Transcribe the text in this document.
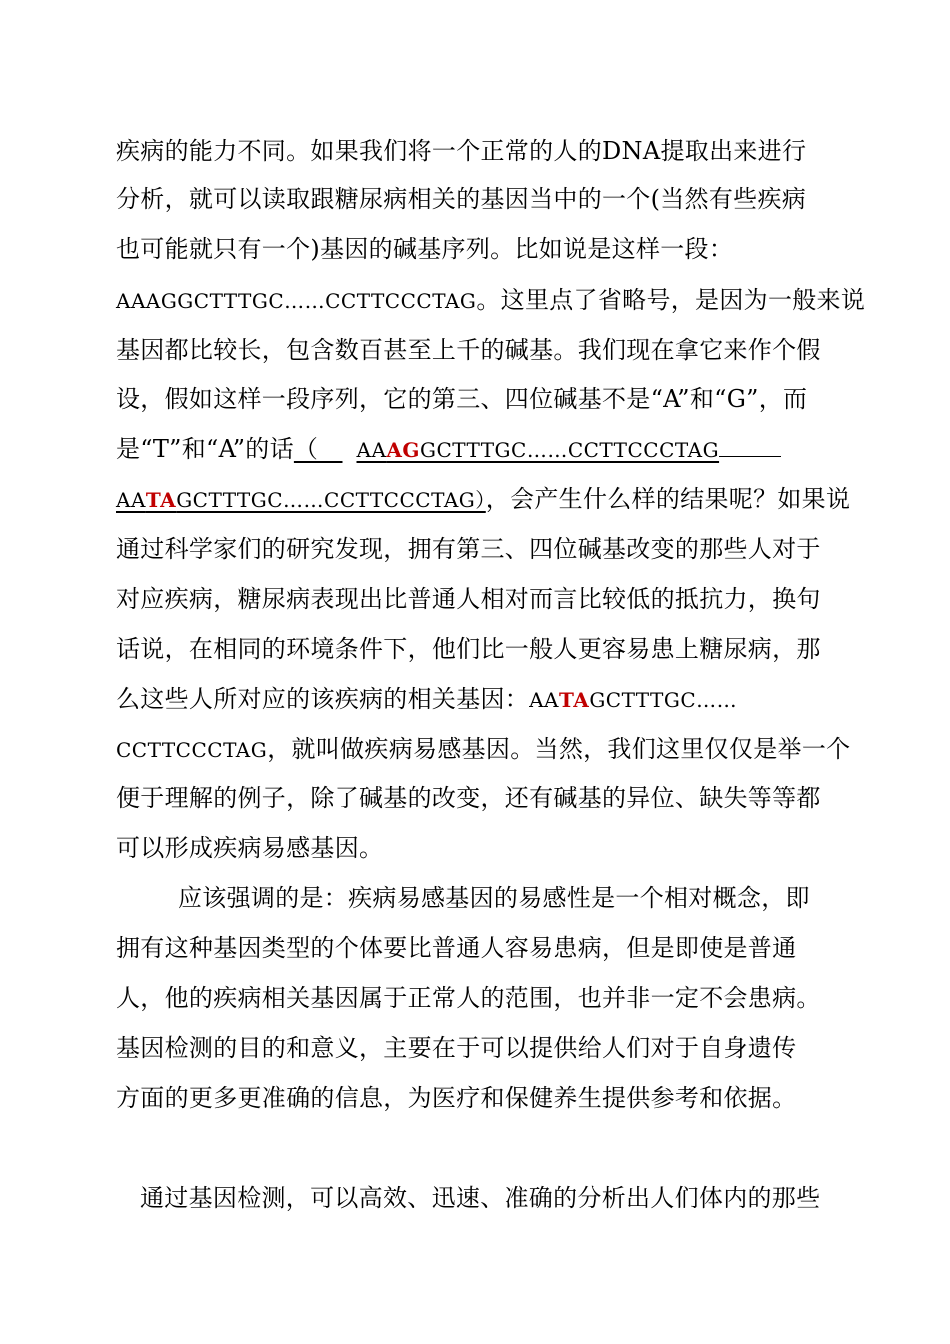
疾病的能力不同。如果我们将一个正常的人的DNA提取出来进行
分析，就可以读取跟糖尿病相关的基因当中的一个(当然有些疾病
也可能就只有一个)基因的碱基序列。比如说是这样一段：
AAAGGCTTTGC……CCTTCCCTAG。这里点了省略号，是因为一般来说
基因都比较长，包含数百甚至上千的碱基。我们现在拿它来作个假
设，假如这样一段序列，它的第三、四位碱基不是“A”和“G”，而
是“T”和“A”的话（　AAAGGCTTTGC……CCTTCCCTAG
AATAGCTTTGC……CCTTCCCTAG），会产生什么样的结果呢？如果说
通过科学家们的研究发现，拥有第三、四位碱基改变的那些人对于
对应疾病，糖尿病表现出比普通人相对而言比较低的抵抗力，换句
话说，在相同的环境条件下，他们比一般人更容易患上糖尿病，那
么这些人所对应的该疾病的相关基因：AATAGCTTTGC……
CCTTCCCTAG，就叫做疾病易感基因。当然，我们这里仅仅是举一个
便于理解的例子，除了碱基的改变，还有碱基的异位、缺失等等都
可以形成疾病易感基因。
应该强调的是：疾病易感基因的易感性是一个相对概念，即
拥有这种基因类型的个体要比普通人容易患病，但是即使是普通
人，他的疾病相关基因属于正常人的范围，也并非一定不会患病。
基因检测的目的和意义，主要在于可以提供给人们对于自身遗传
方面的更多更准确的信息，为医疗和保健养生提供参考和依据。
通过基因检测，可以高效、迅速、准确的分析出人们体内的那些
